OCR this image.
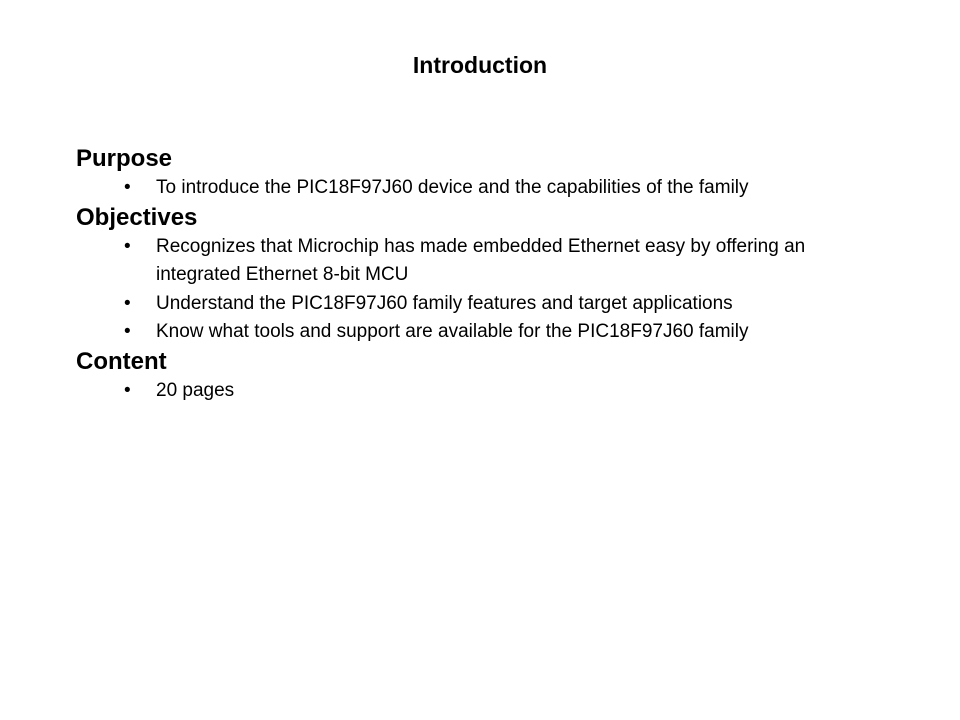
Introduction
Purpose
• To introduce the PIC18F97J60 device and the capabilities of the family
Objectives
• Recognizes that Microchip has made embedded Ethernet easy by offering an integrated Ethernet 8-bit MCU
• Understand the PIC18F97J60 family features and target applications
• Know what tools and support are available for the PIC18F97J60 family
Content
• 20 pages
